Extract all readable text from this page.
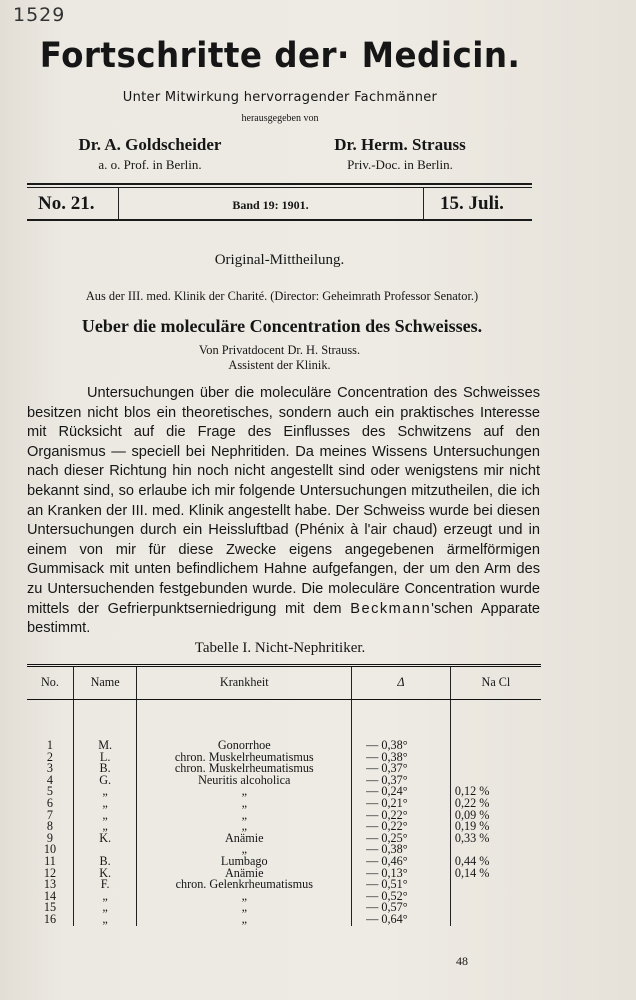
1529
Fortschritte der· Medicin.
Unter Mitwirkung hervorragender Fachmänner
herausgegeben von
Dr. A. Goldscheider
a. o. Prof. in Berlin.
Dr. Herm. Strauss
Priv.-Doc. in Berlin.
No. 21.	Band 19: 1901.	15. Juli.
Original-Mittheilung.
Aus der III. med. Klinik der Charité. (Director: Geheimrath Professor Senator.)
Ueber die moleculäre Concentration des Schweisses.
Von Privatdocent Dr. H. Strauss.
Assistent der Klinik.
Untersuchungen über die moleculäre Concentration des Schweisses besitzen nicht blos ein theoretisches, sondern auch ein praktisches Interesse mit Rücksicht auf die Frage des Einflusses des Schwitzens auf den Organismus — speciell bei Nephritiden. Da meines Wissens Untersuchungen nach dieser Richtung hin noch nicht angestellt sind oder wenigstens mir nicht bekannt sind, so erlaube ich mir folgende Untersuchungen mitzutheilen, die ich an Kranken der III. med. Klinik angestellt habe. Der Schweiss wurde bei diesen Untersuchungen durch ein Heissluftbad (Phénix à l'air chaud) erzeugt und in einem von mir für diese Zwecke eigens angegebenen ärmelförmigen Gummisack mit unten befindlichem Hahne aufgefangen, der um den Arm des zu Untersuchenden festgebunden wurde. Die moleculäre Concentration wurde mittels der Gefrierpunktserniedrigung mit dem Beckmann'schen Apparate bestimmt.
Tabelle I. Nicht-Nephritiker.
No.	Name	Krankheit	Δ	Na Cl

1	M.	Gonorrhoe	— 0,38°	
2	L.	chron. Muskelrheumatismus	— 0,38°	
3	B.	chron. Muskelrheumatismus	— 0,37°	
4	G.	Neuritis alcoholica	— 0,37°	
5	„	„	— 0,24°	0,12 %
6	„	„	— 0,21°	0,22 %
7	„	„	— 0,22°	0,09 %
8	„	„	— 0,22°	0,19 %
9	K.	Anämie	— 0,25°	0,33 %
10		„	— 0,38°	
11	B.	Lumbago	— 0,46°	0,44 %
12	K.	Anämie	— 0,13°	0,14 %
13	F.	chron. Gelenkrheumatismus	— 0,51°	
14	„	„	— 0,52°	
15	„	„	— 0,57°	
16	„	„	— 0,64°	
48
